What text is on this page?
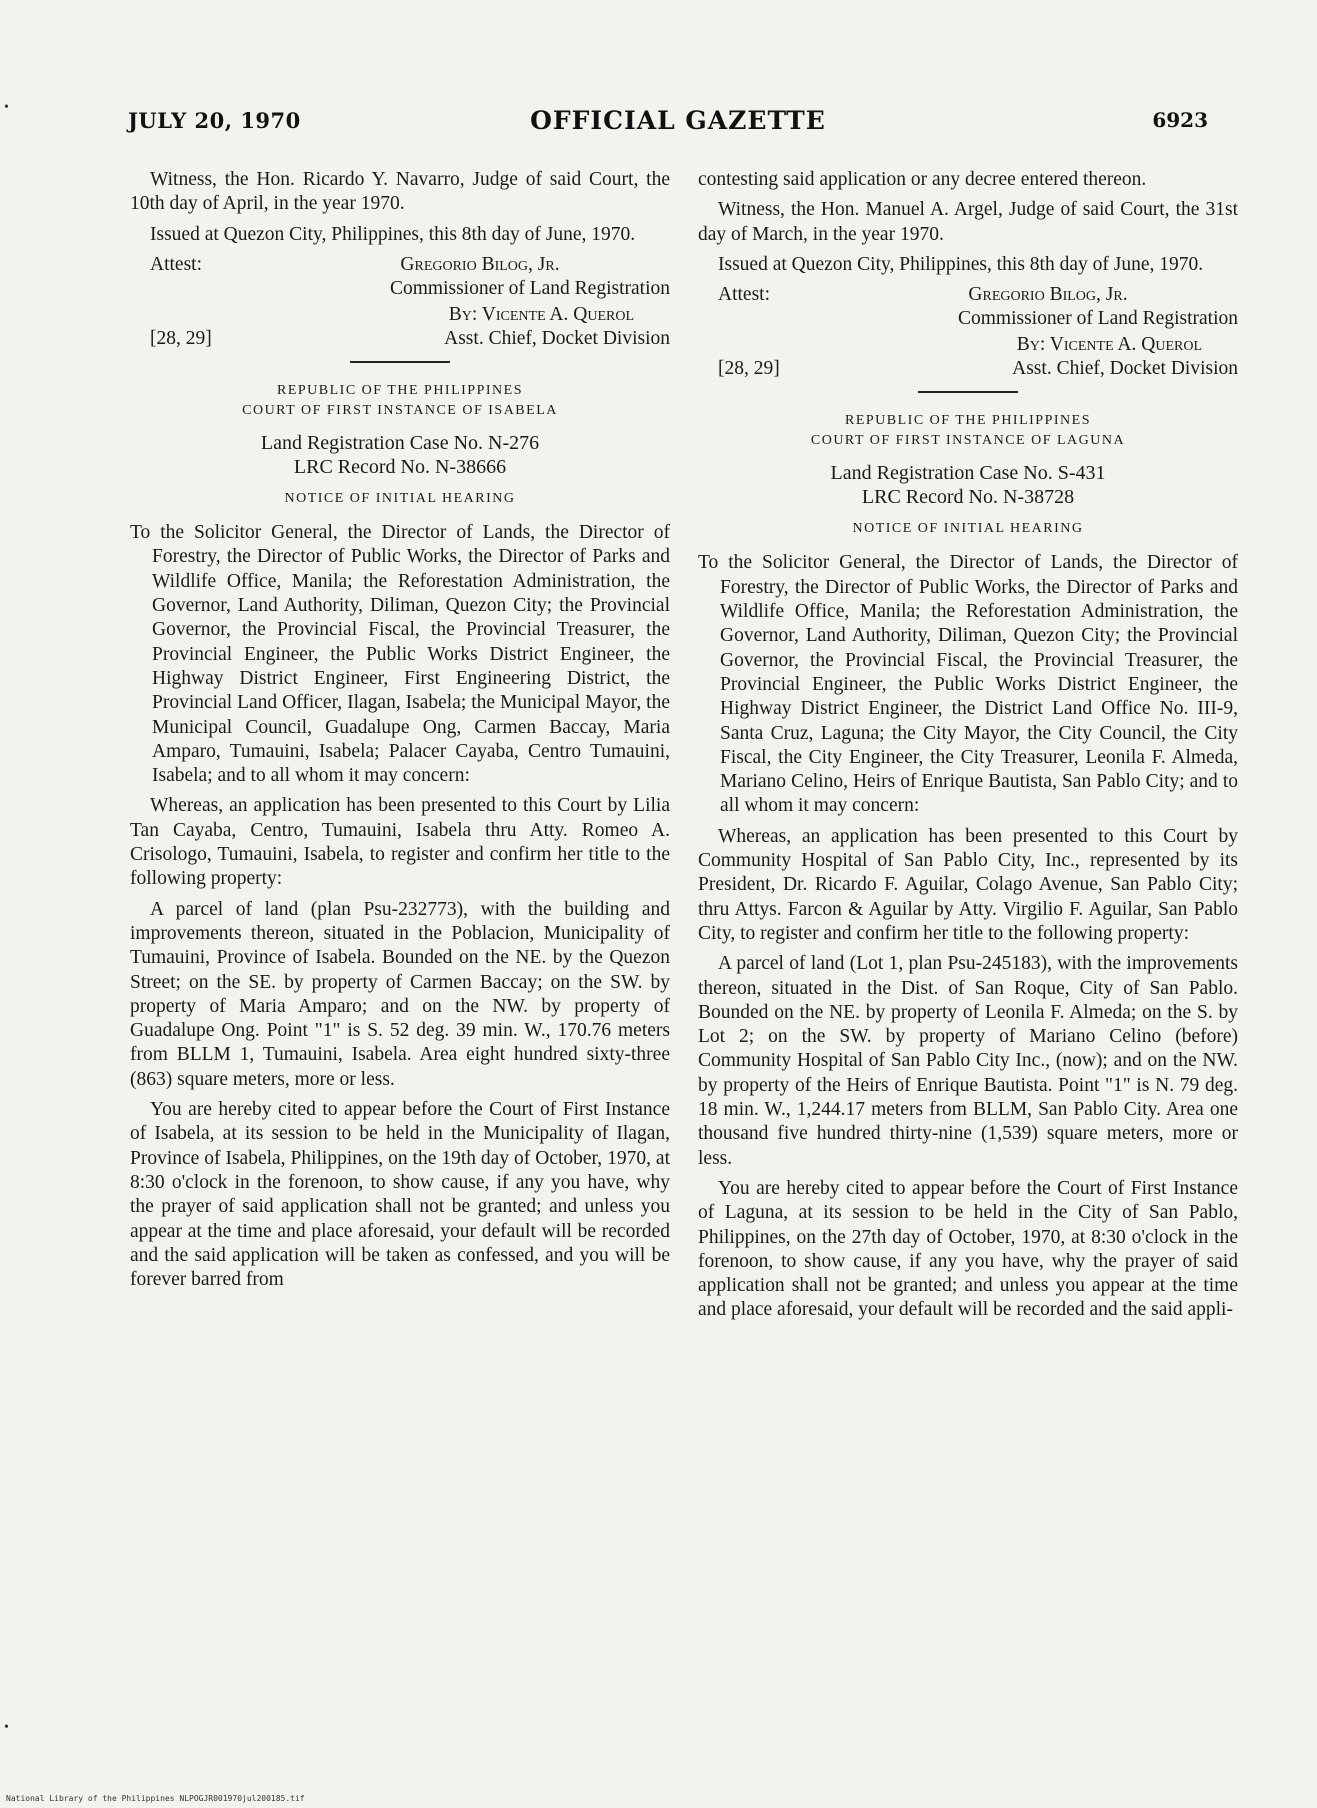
JULY 20, 1970	OFFICIAL GAZETTE	6923

Witness, the Hon. Ricardo Y. Navarro, Judge of said Court, the 10th day of April, in the year 1970.

Issued at Quezon City, Philippines, this 8th day of June, 1970.

Attest:	Gregorio Bilog, Jr.
Commissioner of Land Registration
By: Vicente A. Querol
[28, 29]	Asst. Chief, Docket Division
REPUBLIC OF THE PHILIPPINES
COURT OF FIRST INSTANCE OF ISABELA
Land Registration Case No. N-276
LRC Record No. N-38666
NOTICE OF INITIAL HEARING

To the Solicitor General, the Director of Lands, the Director of Forestry, the Director of Public Works, the Director of Parks and Wildlife Office, Manila; the Reforestation Administration, the Governor, Land Authority, Diliman, Quezon City; the Provincial Governor, the Provincial Fiscal, the Provincial Treasurer, the Provincial Engineer, the Public Works District Engineer, the Highway District Engineer, First Engineering District, the Provincial Land Officer, Ilagan, Isabela; the Municipal Mayor, the Municipal Council, Guadalupe Ong, Carmen Baccay, Maria Amparo, Tumauini, Isabela; Palacer Cayaba, Centro Tumauini, Isabela; and to all whom it may concern:

Whereas, an application has been presented to this Court by Lilia Tan Cayaba, Centro, Tumauini, Isabela thru Atty. Romeo A. Crisologo, Tumauini, Isabela, to register and confirm her title to the following property:

A parcel of land (plan Psu-232773), with the building and improvements thereon, situated in the Poblacion, Municipality of Tumauini, Province of Isabela. Bounded on the NE. by the Quezon Street; on the SE. by property of Carmen Baccay; on the SW. by property of Maria Amparo; and on the NW. by property of Guadalupe Ong. Point "1" is S. 52 deg. 39 min. W., 170.76 meters from BLLM 1, Tumauini, Isabela. Area eight hundred sixty-three (863) square meters, more or less.

You are hereby cited to appear before the Court of First Instance of Isabela, at its session to be held in the Municipality of Ilagan, Province of Isabela, Philippines, on the 19th day of October, 1970, at 8:30 o'clock in the forenoon, to show cause, if any you have, why the prayer of said application shall not be granted; and unless you appear at the time and place aforesaid, your default will be recorded and the said application will be taken as confessed, and you will be forever barred from

contesting said application or any decree entered thereon.

Witness, the Hon. Manuel A. Argel, Judge of said Court, the 31st day of March, in the year 1970.

Issued at Quezon City, Philippines, this 8th day of June, 1970.

Attest:	Gregorio Bilog, Jr.
Commissioner of Land Registration
By: Vicente A. Querol
[28, 29]	Asst. Chief, Docket Division
REPUBLIC OF THE PHILIPPINES
COURT OF FIRST INSTANCE OF LAGUNA
Land Registration Case No. S-431
LRC Record No. N-38728
NOTICE OF INITIAL HEARING

To the Solicitor General, the Director of Lands, the Director of Forestry, the Director of Public Works, the Director of Parks and Wildlife Office, Manila; the Reforestation Administration, the Governor, Land Authority, Diliman, Quezon City; the Provincial Governor, the Provincial Fiscal, the Provincial Treasurer, the Provincial Engineer, the Public Works District Engineer, the Highway District Engineer, the District Land Office No. III-9, Santa Cruz, Laguna; the City Mayor, the City Council, the City Fiscal, the City Engineer, the City Treasurer, Leonila F. Almeda, Mariano Celino, Heirs of Enrique Bautista, San Pablo City; and to all whom it may concern:

Whereas, an application has been presented to this Court by Community Hospital of San Pablo City, Inc., represented by its President, Dr. Ricardo F. Aguilar, Colago Avenue, San Pablo City; thru Attys. Farcon & Aguilar by Atty. Virgilio F. Aguilar, San Pablo City, to register and confirm her title to the following property:

A parcel of land (Lot 1, plan Psu-245183), with the improvements thereon, situated in the Dist. of San Roque, City of San Pablo. Bounded on the NE. by property of Leonila F. Almeda; on the S. by Lot 2; on the SW. by property of Mariano Celino (before) Community Hospital of San Pablo City Inc., (now); and on the NW. by property of the Heirs of Enrique Bautista. Point "1" is N. 79 deg. 18 min. W., 1,244.17 meters from BLLM, San Pablo City. Area one thousand five hundred thirty-nine (1,539) square meters, more or less.

You are hereby cited to appear before the Court of First Instance of Laguna, at its session to be held in the City of San Pablo, Philippines, on the 27th day of October, 1970, at 8:30 o'clock in the forenoon, to show cause, if any you have, why the prayer of said application shall not be granted; and unless you appear at the time and place aforesaid, your default will be recorded and the said appli-

•
•
National Library of the Philippines NLPOGJR001970jul200185.tif
